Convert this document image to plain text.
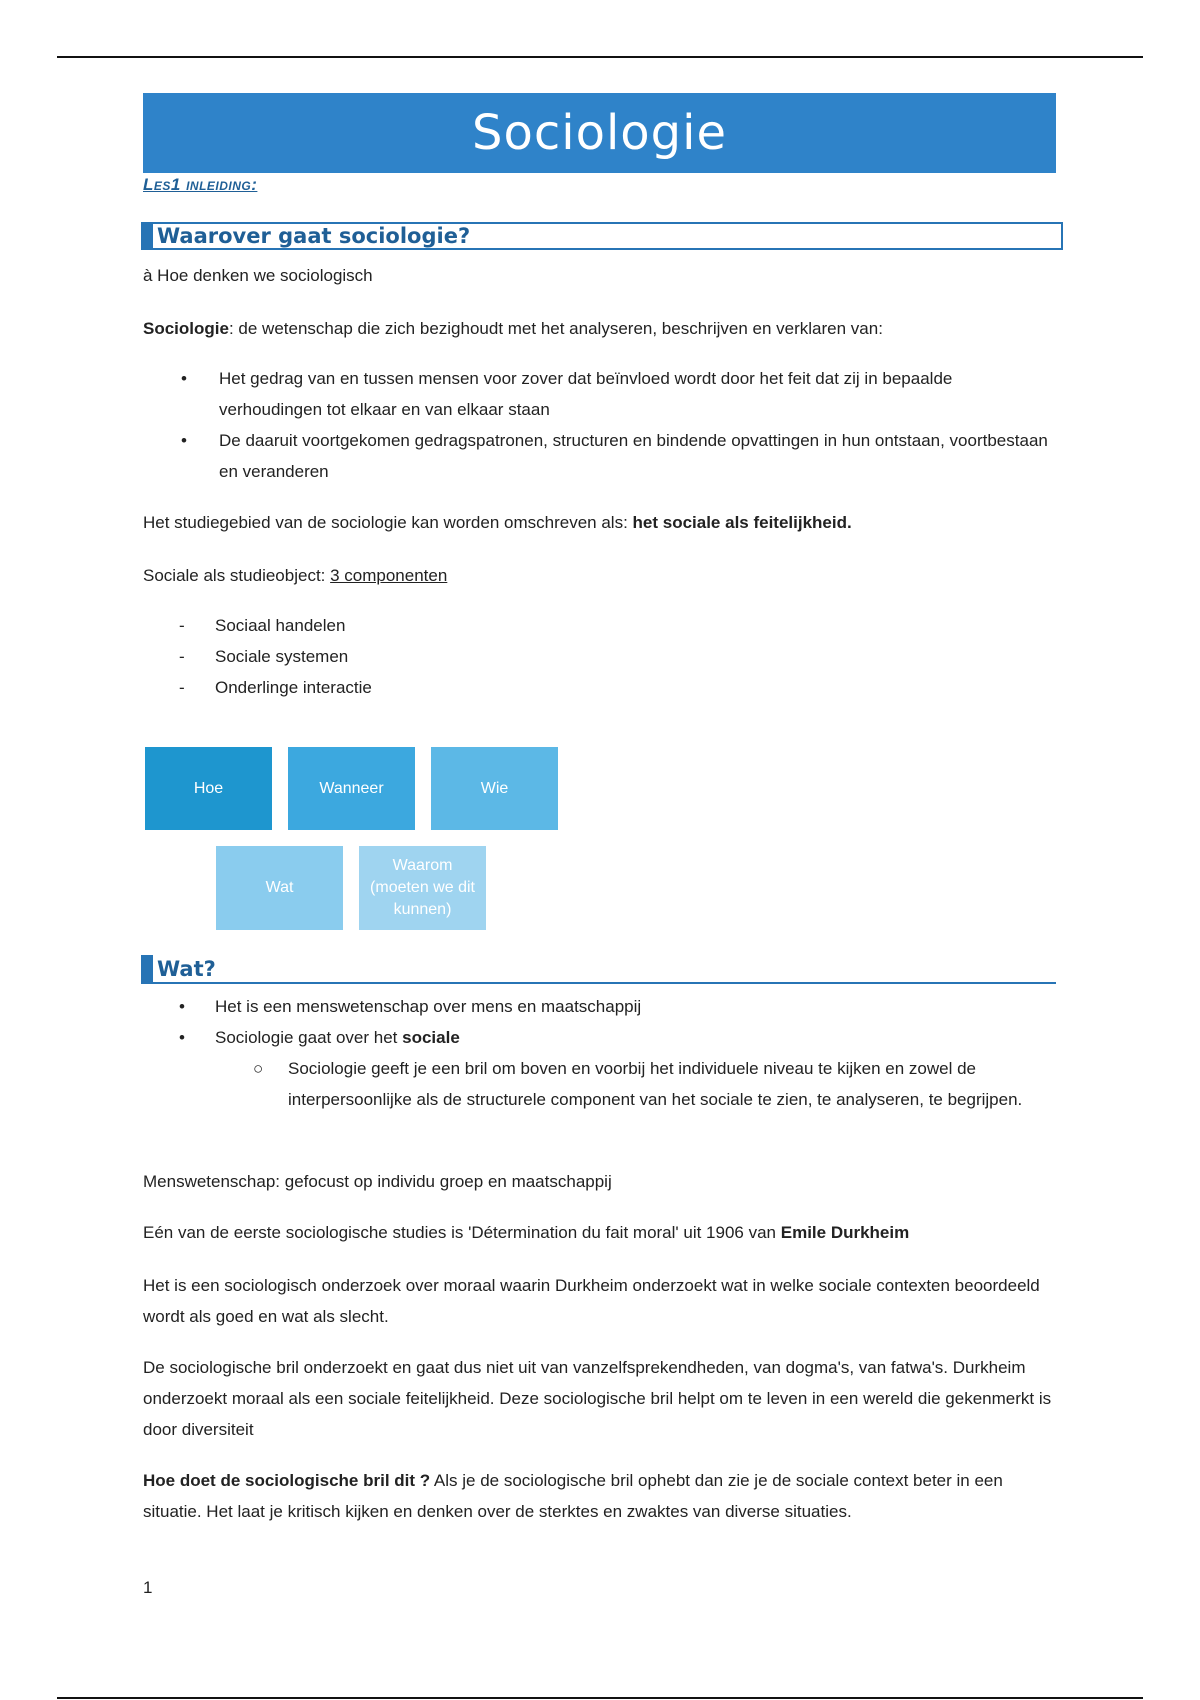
Sociologie
Les1 inleiding:
Waarover gaat sociologie?
à Hoe denken we sociologisch
Sociologie: de wetenschap die zich bezighoudt met het analyseren, beschrijven en verklaren van:
•	Het gedrag van en tussen mensen voor zover dat beïnvloed wordt door het feit dat zij in bepaalde verhoudingen tot elkaar en van elkaar staan
•	De daaruit voortgekomen gedragspatronen, structuren en bindende opvattingen in hun ontstaan, voortbestaan en veranderen
Het studiegebied van de sociologie kan worden omschreven als: het sociale als feitelijkheid.
Sociale als studieobject: 3 componenten
-	Sociaal handelen
-	Sociale systemen
-	Onderlinge interactie
Hoe	Wanneer	Wie
Wat
Waarom (moeten we dit kunnen)
Wat?
•	Het is een menswetenschap over mens en maatschappij
•	Sociologie gaat over het sociale
○	Sociologie geeft je een bril om boven en voorbij het individuele niveau te kijken en zowel de interpersoonlijke als de structurele component van het sociale te zien, te analyseren, te begrijpen.
Menswetenschap: gefocust op individu groep en maatschappij
Eén van de eerste sociologische studies is 'Détermination du fait moral' uit 1906 van Emile Durkheim
Het is een sociologisch onderzoek over moraal waarin Durkheim onderzoekt wat in welke sociale contexten beoordeeld wordt als goed en wat als slecht.
De sociologische bril onderzoekt en gaat dus niet uit van vanzelfsprekendheden, van dogma's, van fatwa's. Durkheim onderzoekt moraal als een sociale feitelijkheid. Deze sociologische bril helpt om te leven in een wereld die gekenmerkt is door diversiteit
Hoe doet de sociologische bril dit ? Als je de sociologische bril ophebt dan zie je de sociale context beter in een situatie. Het laat je kritisch kijken en denken over de sterktes en zwaktes van diverse situaties.
1
